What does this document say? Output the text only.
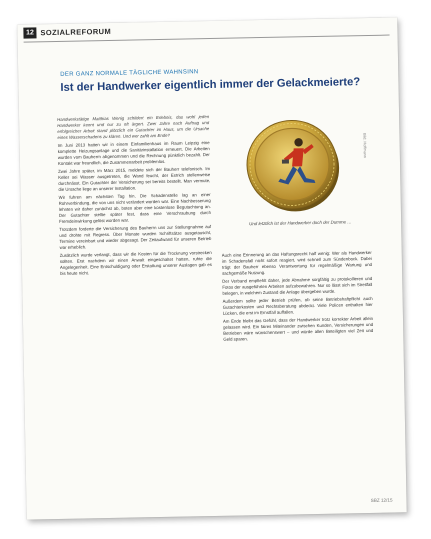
12 SOZIALREFORUM
DER GANZ NORMALE TÄGLICHE WAHNSINN
Ist der Handwerker eigentlich immer der Gelackmeierte?

Handwerkstätige Matthias Wenig schildert ein Erlebnis, das wohl jeden Handwerker kennt und nur zu oft ärgert. Zwei Jahre nach Auftrag und erfolgreicher Arbeit stand plötzlich ein Gutachter im Haus, um die Ursache eines Wasserschadens zu klären. Und wer zahlt am Ende?

Im Juni 2013 hatten wir in einem Einfamilienhaus im Raum Leipzig eine komplette Heizungsanlage und die Sanitärinstallation erneuert. Die Arbeiten wurden vom Bauherrn abgenommen und die Rechnung pünktlich bezahlt. Der Kontakt war freundlich, die Zusammenarbeit problemlos.

Zwei Jahre später, im März 2015, meldete sich der Bauherr telefonisch. Im Keller sei Wasser ausgetreten, die Wand feucht, der Estrich stellenweise durchnässt. Ein Gutachter der Versicherung sei bereits bestellt. Man vermute, die Ursache liege an unserer Installation.

Wir fuhren am nächsten Tag hin. Die Schadenstelle lag an einer Rohrverbindung, die von uns nicht verändert worden war. Eine Nachbesserung lehnten wir daher zunächst ab, boten aber eine kostenlose Begutachtung an. Der Gutachter stellte später fest, dass eine Verschraubung durch Fremdeinwirkung gelöst worden war.

Trotzdem forderte die Versicherung des Bauherrn uns zur Stellungnahme auf und drohte mit Regress. Über Monate wurden Schriftsätze ausgetauscht, Termine vereinbart und wieder abgesagt. Der Zeitaufwand für unseren Betrieb war erheblich.

Zusätzlich wurde verlangt, dass wir die Kosten für die Trocknung vorstrecken sollten. Erst nachdem wir einen Anwalt eingeschaltet hatten, ruhte die Angelegenheit. Eine Entschuldigung oder Erstattung unserer Auslagen gab es bis heute nicht.

Bild: Hoffmann
Und letztlich ist der Handwerker doch der Dumme …

Auch eine Erinnerung an das Haftungsrecht half wenig: Wer als Handwerker im Schadensfall nicht sofort reagiert, wird schnell zum Sündenbock. Dabei trägt der Bauherr ebenso Verantwortung für regelmäßige Wartung und sachgemäße Nutzung.

Der Verband empfiehlt daher, jede Abnahme sorgfältig zu protokollieren und Fotos der ausgeführten Arbeiten aufzubewahren. Nur so lässt sich im Streitfall belegen, in welchem Zustand die Anlage übergeben wurde.

Außerdem sollte jeder Betrieb prüfen, ob seine Betriebshaftpflicht auch Gutachterkosten und Rechtsberatung abdeckt. Viele Policen enthalten hier Lücken, die erst im Ernstfall auffallen.

Am Ende bleibt das Gefühl, dass der Handwerker trotz korrekter Arbeit allein gelassen wird. Ein faires Miteinander zwischen Kunden, Versicherungen und Betrieben wäre wünschenswert – und würde allen Beteiligten viel Zeit und Geld sparen.

SBZ 12/15
